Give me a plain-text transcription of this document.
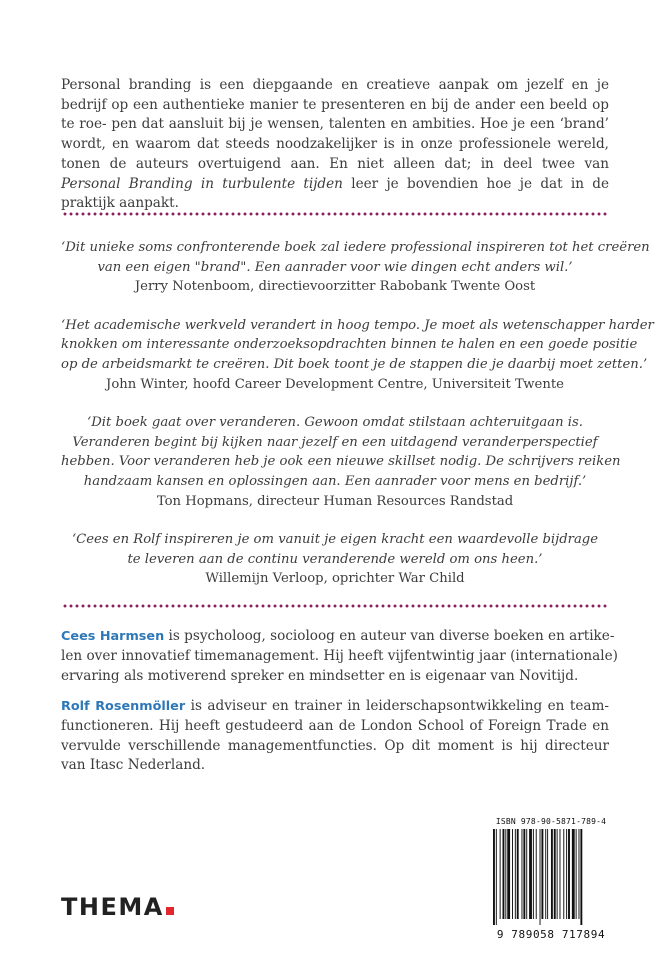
Personal branding is een diepgaande en creatieve aanpak om jezelf en je bedrijf op een authentieke manier te presenteren en bij de ander een beeld op te roe- pen dat aansluit bij je wensen, talenten en ambities. Hoe je een ‘brand’ wordt, en waarom dat steeds noodzakelijker is in onze professionele wereld, tonen de auteurs overtuigend aan. En niet alleen dat; in deel twee van Personal Branding in turbulente tijden leer je bovendien hoe je dat in de praktijk aanpakt.
‘Dit unieke soms confronterende boek zal iedere professional inspireren tot het creëren
van een eigen "brand". Een aanrader voor wie dingen echt anders wil.’
Jerry Notenboom, directievoorzitter Rabobank Twente Oost
‘Het academische werkveld verandert in hoog tempo. Je moet als wetenschapper harder
knokken om interessante onderzoeksopdrachten binnen te halen en een goede positie
op de arbeidsmarkt te creëren. Dit boek toont je de stappen die je daarbij moet zetten.’
John Winter, hoofd Career Development Centre, Universiteit Twente
‘Dit boek gaat over veranderen. Gewoon omdat stilstaan achteruitgaan is.
Veranderen begint bij kijken naar jezelf en een uitdagend veranderperspectief
hebben. Voor veranderen heb je ook een nieuwe skillset nodig. De schrijvers reiken
handzaam kansen en oplossingen aan. Een aanrader voor mens en bedrijf.’
Ton Hopmans, directeur Human Resources Randstad
‘Cees en Rolf inspireren je om vanuit je eigen kracht een waardevolle bijdrage
te leveren aan de continu veranderende wereld om ons heen.’
Willemijn Verloop, oprichter War Child
Cees Harmsen is psycholoog, socioloog en auteur van diverse boeken en artike-
len over innovatief timemanagement. Hij heeft vijfentwintig jaar (internationale)
ervaring als motiverend spreker en mindsetter en is eigenaar van Novitijd.
Rolf Rosenmöller is adviseur en trainer in leiderschapsontwikkeling en team-
functioneren. Hij heeft gestudeerd aan de London School of Foreign Trade en
vervulde verschillende managementfuncties. Op dit moment is hij directeur
van Itasc Nederland.
THEMA
ISBN 978-90-5871-789-4
9 789058 717894
